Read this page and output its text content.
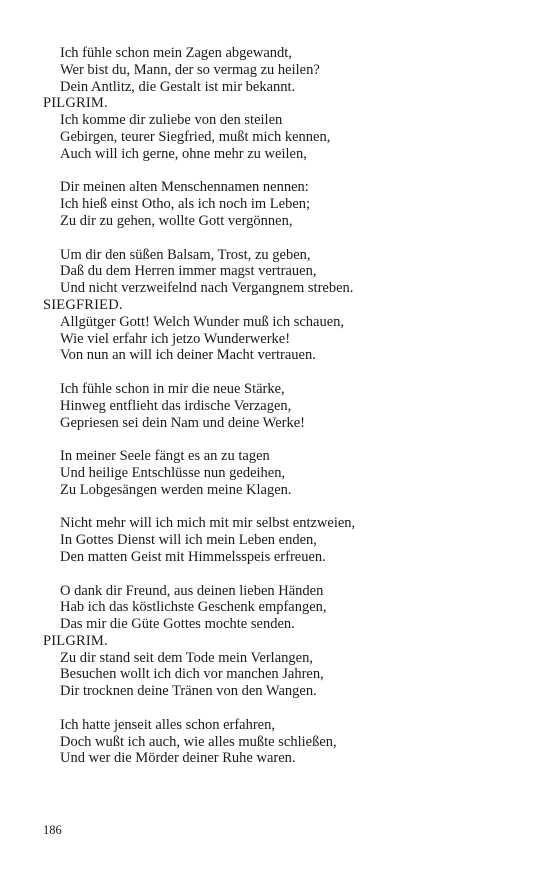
Ich fühle schon mein Zagen abgewandt,
Wer bist du, Mann, der so vermag zu heilen?
Dein Antlitz, die Gestalt ist mir bekannt.
PILGRIM.
Ich komme dir zuliebe von den steilen
Gebirgen, teurer Siegfried, mußt mich kennen,
Auch will ich gerne, ohne mehr zu weilen,
Dir meinen alten Menschennamen nennen:
Ich hieß einst Otho, als ich noch im Leben;
Zu dir zu gehen, wollte Gott vergönnen,
Um dir den süßen Balsam, Trost, zu geben,
Daß du dem Herren immer magst vertrauen,
Und nicht verzweifelnd nach Vergangnem streben.
SIEGFRIED.
Allgütger Gott! Welch Wunder muß ich schauen,
Wie viel erfahr ich jetzo Wunderwerke!
Von nun an will ich deiner Macht vertrauen.
Ich fühle schon in mir die neue Stärke,
Hinweg entflieht das irdische Verzagen,
Gepriesen sei dein Nam und deine Werke!
In meiner Seele fängt es an zu tagen
Und heilige Entschlüsse nun gedeihen,
Zu Lobgesängen werden meine Klagen.
Nicht mehr will ich mich mit mir selbst entzweien,
In Gottes Dienst will ich mein Leben enden,
Den matten Geist mit Himmelsspeis erfreuen.
O dank dir Freund, aus deinen lieben Händen
Hab ich das köstlichste Geschenk empfangen,
Das mir die Güte Gottes mochte senden.
PILGRIM.
Zu dir stand seit dem Tode mein Verlangen,
Besuchen wollt ich dich vor manchen Jahren,
Dir trocknen deine Tränen von den Wangen.
Ich hatte jenseit alles schon erfahren,
Doch wußt ich auch, wie alles mußte schließen,
Und wer die Mörder deiner Ruhe waren.
186
